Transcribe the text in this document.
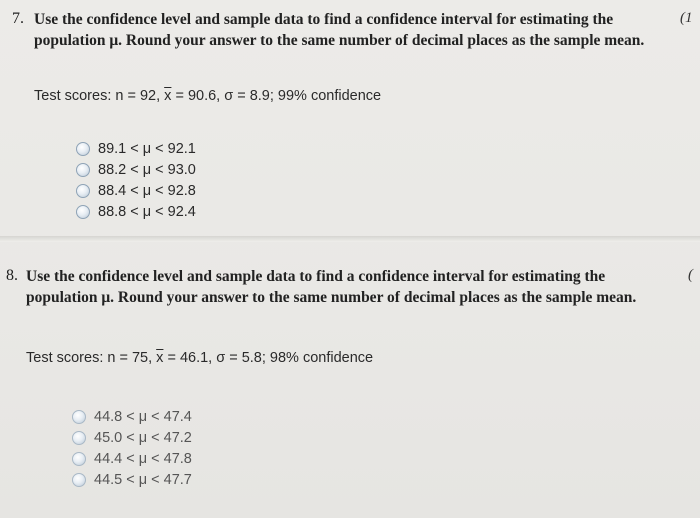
7. Use the confidence level and sample data to find a confidence interval for estimating the population μ. Round your answer to the same number of decimal places as the sample mean.
(1
Test scores: n = 92, $\overline{x} = 90.6$, σ = 8.9; 99% confidence
89.1 < μ < 92.1
88.2 < μ < 93.0
88.4 < μ < 92.8
88.8 < μ < 92.4
8. Use the confidence level and sample data to find a confidence interval for estimating the population μ. Round your answer to the same number of decimal places as the sample mean.
(
Test scores: n = 75, $\overline{x} = 46.1$, σ = 5.8; 98% confidence
44.8 < μ < 47.4
45.0 < μ < 47.2
44.4 < μ < 47.8
44.5 < μ < 47.7
